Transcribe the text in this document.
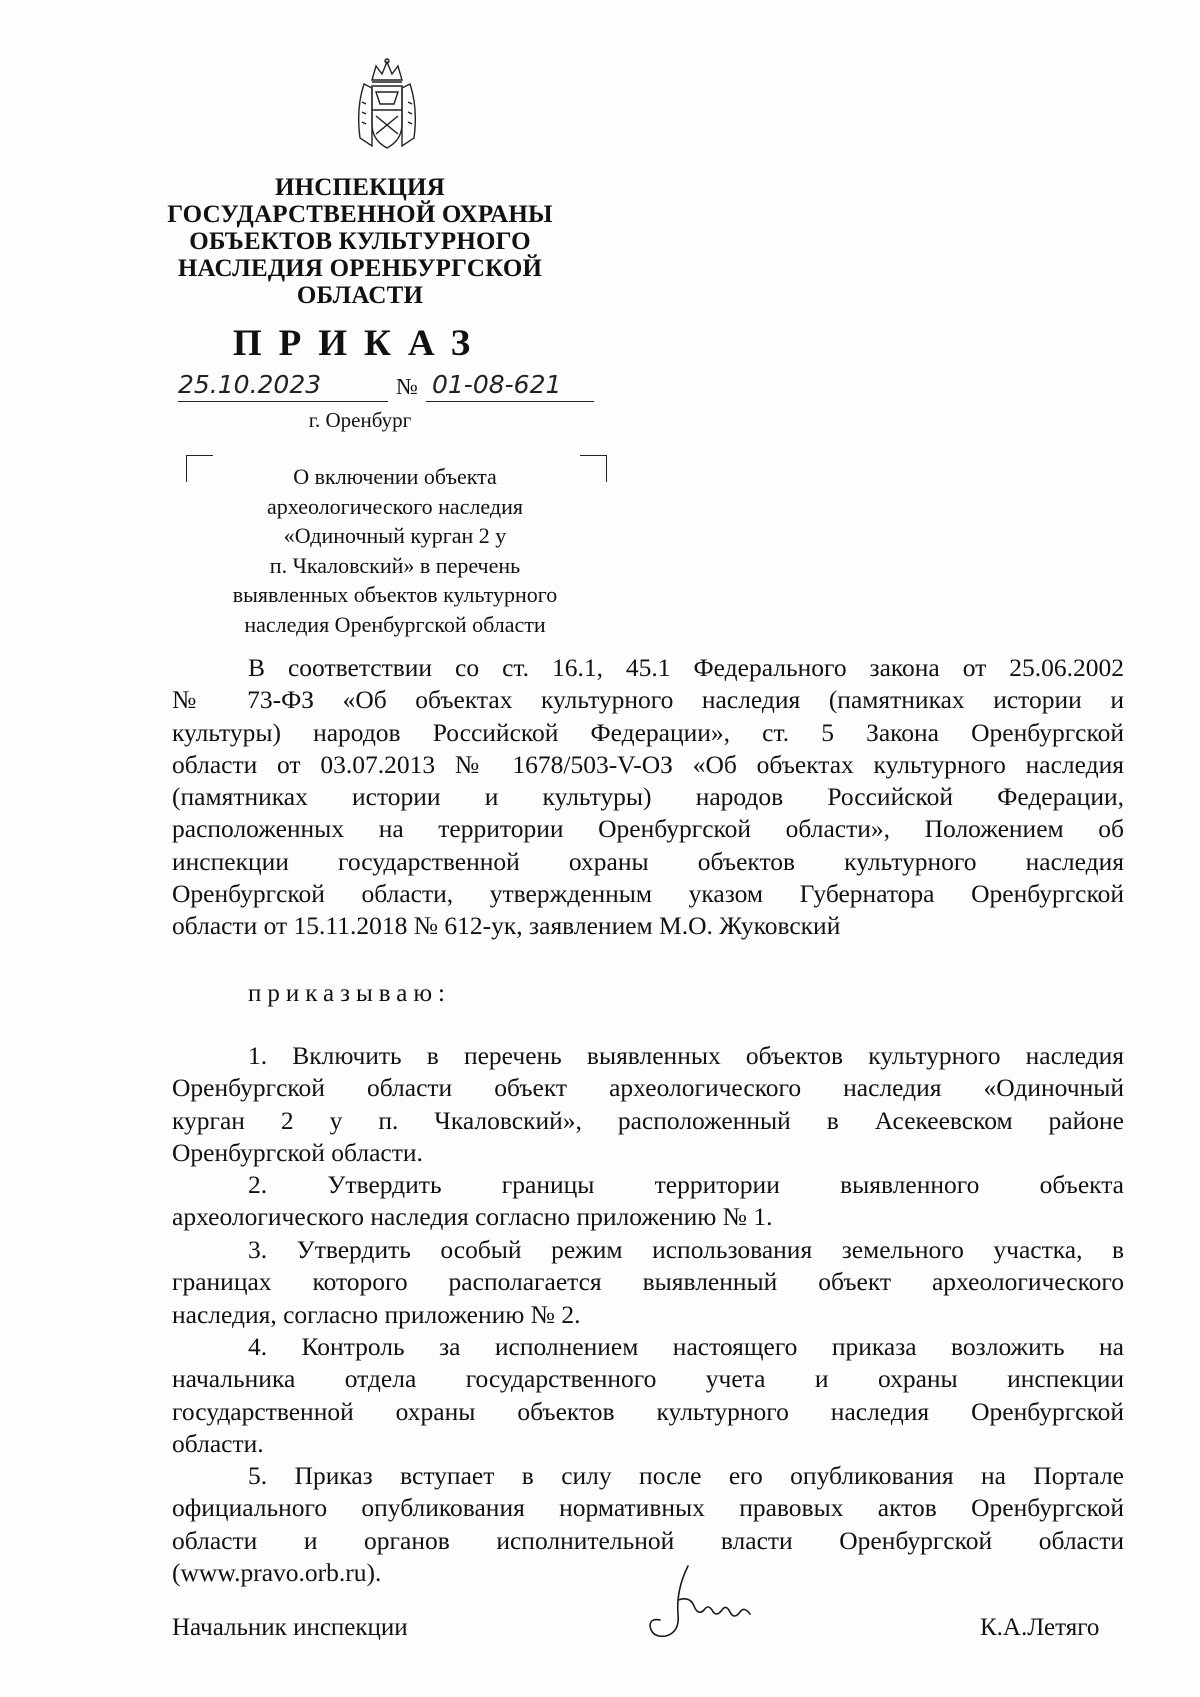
ИНСПЕКЦИЯ
ГОСУДАРСТВЕННОЙ ОХРАНЫ
ОБЪЕКТОВ КУЛЬТУРНОГО
НАСЛЕДИЯ ОРЕНБУРГСКОЙ
ОБЛАСТИ
ПРИКАЗ
25.10.2023	№ 01-08-621
г. Оренбург
О включении объекта
археологического наследия
«Одиночный курган 2 у
п. Чкаловский» в перечень
выявленных объектов культурного
наследия Оренбургской области
В соответствии со ст. 16.1, 45.1 Федерального закона от 25.06.2002
№ 73-ФЗ «Об объектах культурного наследия (памятниках истории и
культуры) народов Российской Федерации», ст. 5 Закона Оренбургской
области от 03.07.2013 № 1678/503-V-ОЗ «Об объектах культурного наследия
(памятниках истории и культуры) народов Российской Федерации,
расположенных на территории Оренбургской области», Положением об
инспекции государственной охраны объектов культурного наследия
Оренбургской области, утвержденным указом Губернатора Оренбургской
области от 15.11.2018 № 612-ук, заявлением М.О. Жуковский
приказываю:
1. Включить в перечень выявленных объектов культурного наследия
Оренбургской области объект археологического наследия «Одиночный
курган 2 у п. Чкаловский», расположенный в Асекеевском районе
Оренбургской области.
2. Утвердить границы территории выявленного объекта
археологического наследия согласно приложению № 1.
3. Утвердить особый режим использования земельного участка, в
границах которого располагается выявленный объект археологического
наследия, согласно приложению № 2.
4. Контроль за исполнением настоящего приказа возложить на
начальника отдела государственного учета и охраны инспекции
государственной охраны объектов культурного наследия Оренбургской
области.
5. Приказ вступает в силу после его опубликования на Портале
официального опубликования нормативных правовых актов Оренбургской
области и органов исполнительной власти Оренбургской области
(www.pravo.orb.ru).
Начальник инспекции	К.А.Летяго
